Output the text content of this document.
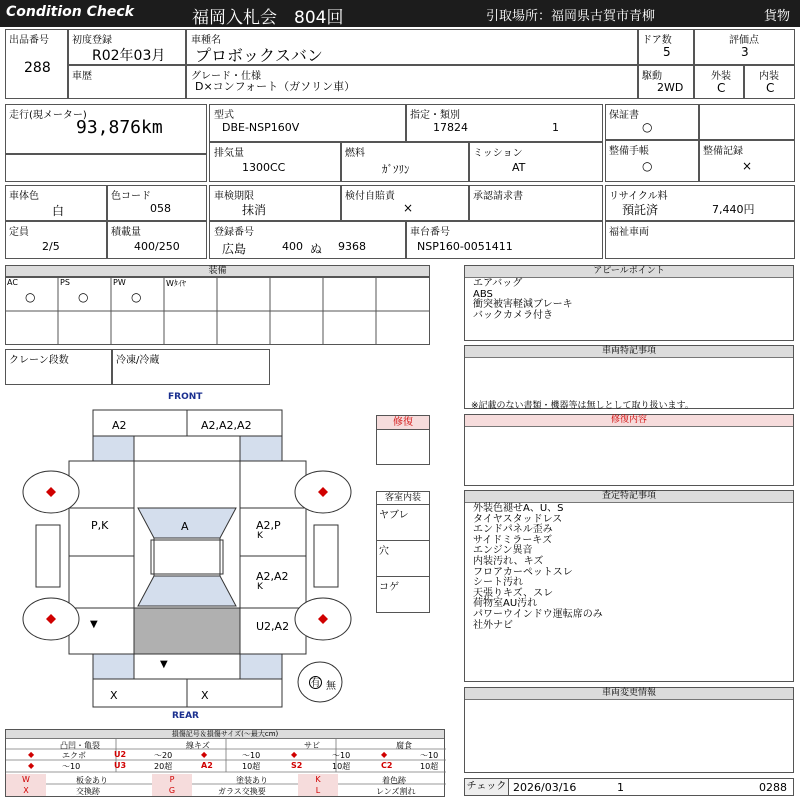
Condition Check	福岡入札会　804回	引取場所：福岡県古賀市青柳	貨物
出品番号
288
初度登録
R02年03月
車歴
車種名
プロボックスバン
グレード・仕様
D×コンフォート（ガソリン車）
ドア数
5
評価点
3
駆動
2WD
外装
C
内装
C
走行(現メーター)
93,876km
型式
DBE-NSP160V
指定・類別
17824	1
保証書
○
排気量
1300CC
燃料
ｶﾞｿﾘﾝ
ミッション
AT
整備手帳
○
整備記録
×
車体色
白
色コード
058
車検期限
抹消
検付自賠責
×
承認請求書	リサイクル料
預託済	7,440円
定員
2/5
積載量
400/250
登録番号
広島	400 ぬ 9368
車台番号
NSP160-0051411
福祉車両
装備
AC
○
PS
○
PW
○
Wﾀｲﾔ
クレーン段数	冷凍/冷蔵
FRONT
REAR
A2	A2,A2,A2
P,K	A	A2,P
K
A2,A2
K
U2,A2
▼
▼
X	X
有 無
修復
客室内装
ヤブレ
穴
コゲ
アピールポイント
エアバッグ
ABS
衝突被害軽減ブレーキ
バックカメラ付き
車両特記事項
※記載のない書類・機器等は無しとして取り扱います。
修復内容
査定特記事項
外装色褪せA、U、S
タイヤスタッドレス
エンドパネル歪み
サイドミラーキズ
エンジン異音
内装汚れ、キズ
フロアカーペットスレ
シート汚れ
天張りキズ、スレ
荷物室AU汚れ
パワーウインドウ運転席のみ
社外ナビ
車両変更情報
チェック 2026/03/16	1	0288
損傷記号＆損傷サイズ(～最大cm)
凸凹・亀裂	線キズ	サビ	腐食
◆	エクボ	U2	～20	◆	～10	◆	～10	◆	～10
◆	～10	U3	20超	A2	10超	S2	10超	C2	10超
W	板金あり	P	塗装あり	K	着色跡
X	交換跡	G	ガラス交換要	L	レンズ割れ
